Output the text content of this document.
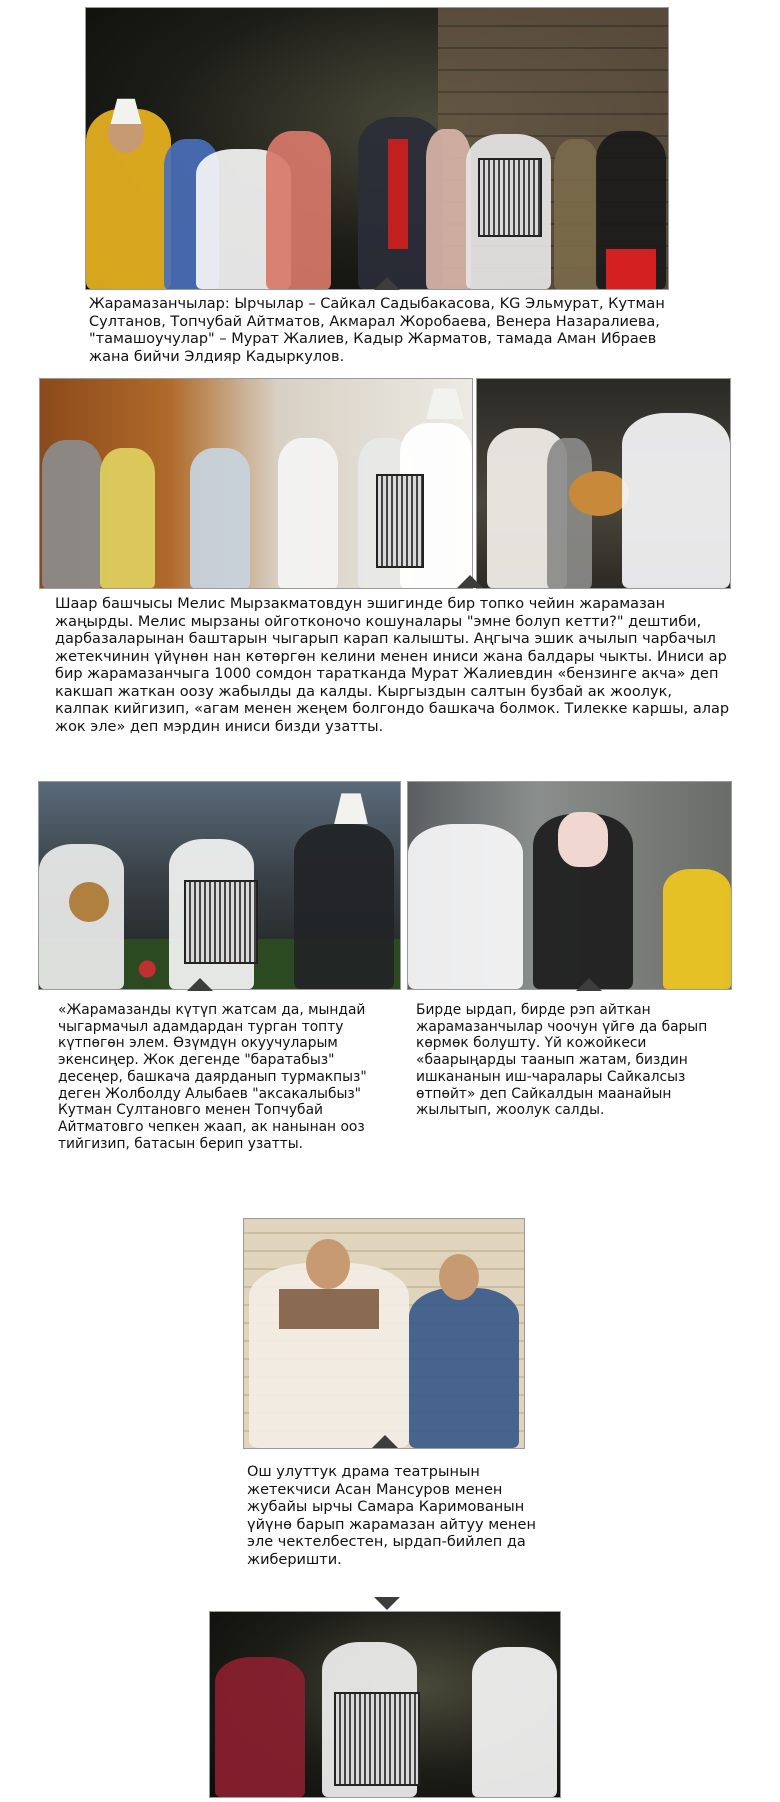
Жарамазанчылар: Ырчылар – Сайкал Садыбакасова, KG Эльмурат, Кутман Султанов, Топчубай Айтматов, Акмарал Жоробаева, Венера Назаралиева, "тамашоучулар" – Мурат Жалиев, Кадыр Жарматов, тамада Аман Ибраев жана бийчи Элдияр Кадыркулов.

Шаар башчысы Мелис Мырзакматовдун эшигинде бир топко чейин жарамазан жаңырды. Мелис мырзаны ойготконочо кошуналары "эмне болуп кетти?" дештиби, дарбазаларынан баштарын чыгарып карап калышты. Аңгыча эшик ачылып чарбачыл жетекчинин үйүнөн нан көтөргөн келини менен иниси жана балдары чыкты. Иниси ар бир жарамазанчыга 1000 сомдон таратканда Мурат Жалиевдин «бензинге акча» деп какшап жаткан оозу жабылды да калды. Кыргыздын салтын бузбай ак жоолук, калпак кийгизип, «агам менен жеңем болгондо башкача болмок. Тилекке каршы, алар жок эле» деп мэрдин иниси бизди узатты.

«Жарамазанды күтүп жатсам да, мындай чыгармачыл адамдардан турган топту күтпөгөн элем. Өзүмдүн окуучуларым экенсиңер. Жок дегенде "баратабыз" десеңер, башкача даярданып турмакпыз" деген Жолболду Алыбаев "аксакалыбыз" Кутман Султановго менен Топчубай Айтматовго чепкен жаап, ак нанынан ооз тийгизип, батасын берип узатты.

Бирде ырдап, бирде рэп айткан жарамазанчылар чоочун үйгө да барып көрмөк болушту. Үй кожойкеси «баарыңарды таанып жатам, биздин ишкананын иш-чаралары Сайкалсыз өтпөйт» деп Сайкалдын маанайын жылытып, жоолук салды.

Ош улуттук драма театрынын жетекчиси Асан Мансуров менен жубайы ырчы Самара Каримованын үйүнө барып жарамазан айтуу менен эле чектелбестен, ырдап-бийлеп да жиберишти.
